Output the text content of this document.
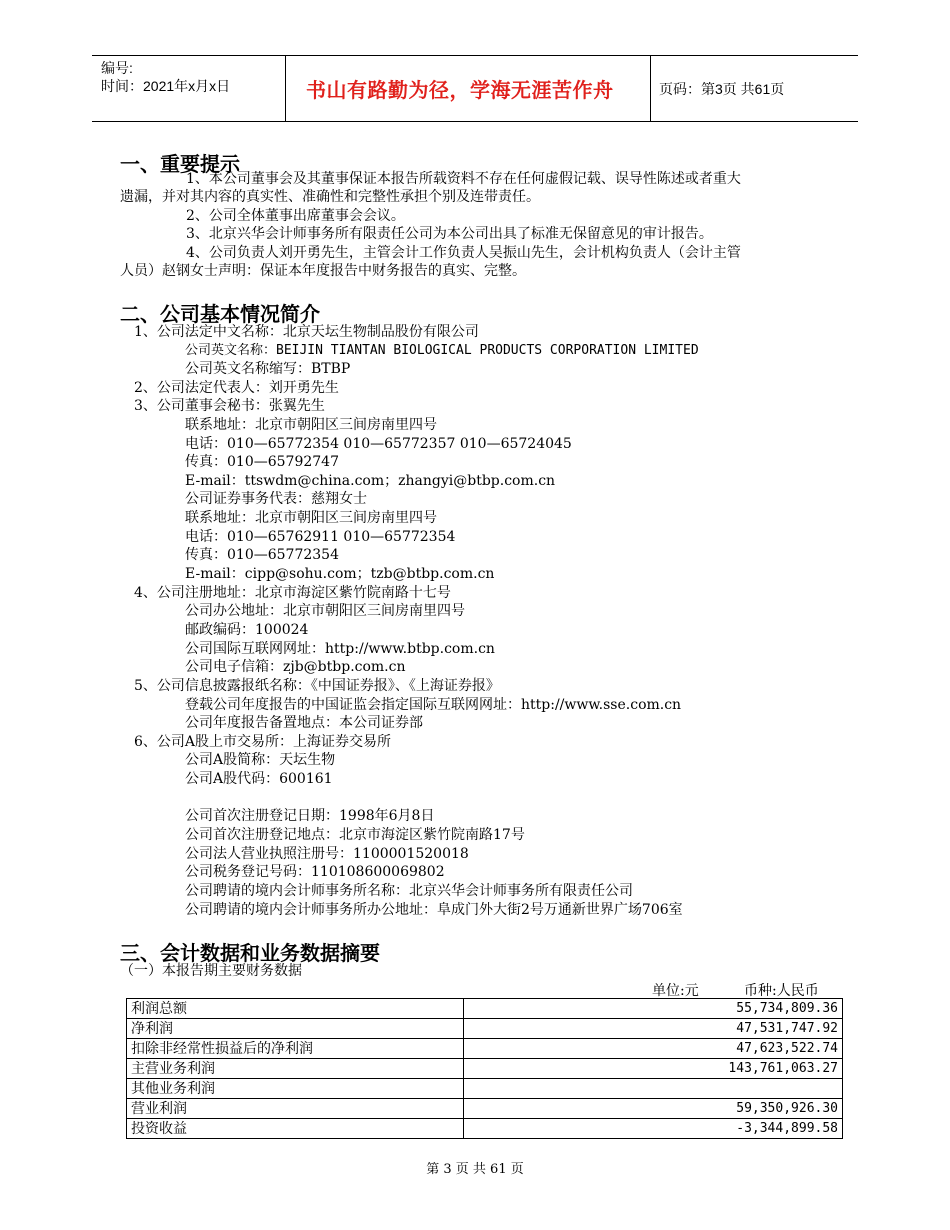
编号:
时间：2021年x月x日	书山有路勤为径，学海无涯苦作舟	页码：第3页 共61页
一、重要提示
1、本公司董事会及其董事保证本报告所载资料不存在任何虚假记载、误导性陈述或者重大
遗漏，并对其内容的真实性、准确性和完整性承担个别及连带责任。
2、公司全体董事出席董事会会议。
3、北京兴华会计师事务所有限责任公司为本公司出具了标准无保留意见的审计报告。
4、公司负责人刘开勇先生，主管会计工作负责人吴振山先生，会计机构负责人（会计主管
人员）赵钢女士声明：保证本年度报告中财务报告的真实、完整。
二、公司基本情况简介
1、公司法定中文名称：北京天坛生物制品股份有限公司
公司英文名称：BEIJIN TIANTAN BIOLOGICAL PRODUCTS CORPORATION LIMITED
公司英文名称缩写：BTBP
2、公司法定代表人：刘开勇先生
3、公司董事会秘书：张翼先生
联系地址：北京市朝阳区三间房南里四号
电话：010—65772354 010—65772357 010—65724045
传真：010—65792747
E-mail：ttswdm@china.com；zhangyi@btbp.com.cn
公司证券事务代表：慈翔女士
联系地址：北京市朝阳区三间房南里四号
电话：010—65762911 010—65772354
传真：010—65772354
E-mail：cipp@sohu.com；tzb@btbp.com.cn
4、公司注册地址：北京市海淀区紫竹院南路十七号
公司办公地址：北京市朝阳区三间房南里四号
邮政编码：100024
公司国际互联网网址：http://www.btbp.com.cn
公司电子信箱：zjb@btbp.com.cn
5、公司信息披露报纸名称：《中国证券报》、《上海证券报》
登载公司年度报告的中国证监会指定国际互联网网址：http://www.sse.com.cn
公司年度报告备置地点：本公司证券部
6、公司A股上市交易所：上海证券交易所
公司A股简称：天坛生物
公司A股代码：600161
公司首次注册登记日期：1998年6月8日
公司首次注册登记地点：北京市海淀区紫竹院南路17号
公司法人营业执照注册号：1100001520018
公司税务登记号码：110108600069802
公司聘请的境内会计师事务所名称：北京兴华会计师事务所有限责任公司
公司聘请的境内会计师事务所办公地址：阜成门外大街2号万通新世界广场706室
三、会计数据和业务数据摘要
（一）本报告期主要财务数据
单位:元	币种:人民币
利润总额	55,734,809.36
净利润	47,531,747.92
扣除非经常性损益后的净利润	47,623,522.74
主营业务利润	143,761,063.27
其他业务利润	
营业利润	59,350,926.30
投资收益	-3,344,899.58
第 3 页 共 61 页
